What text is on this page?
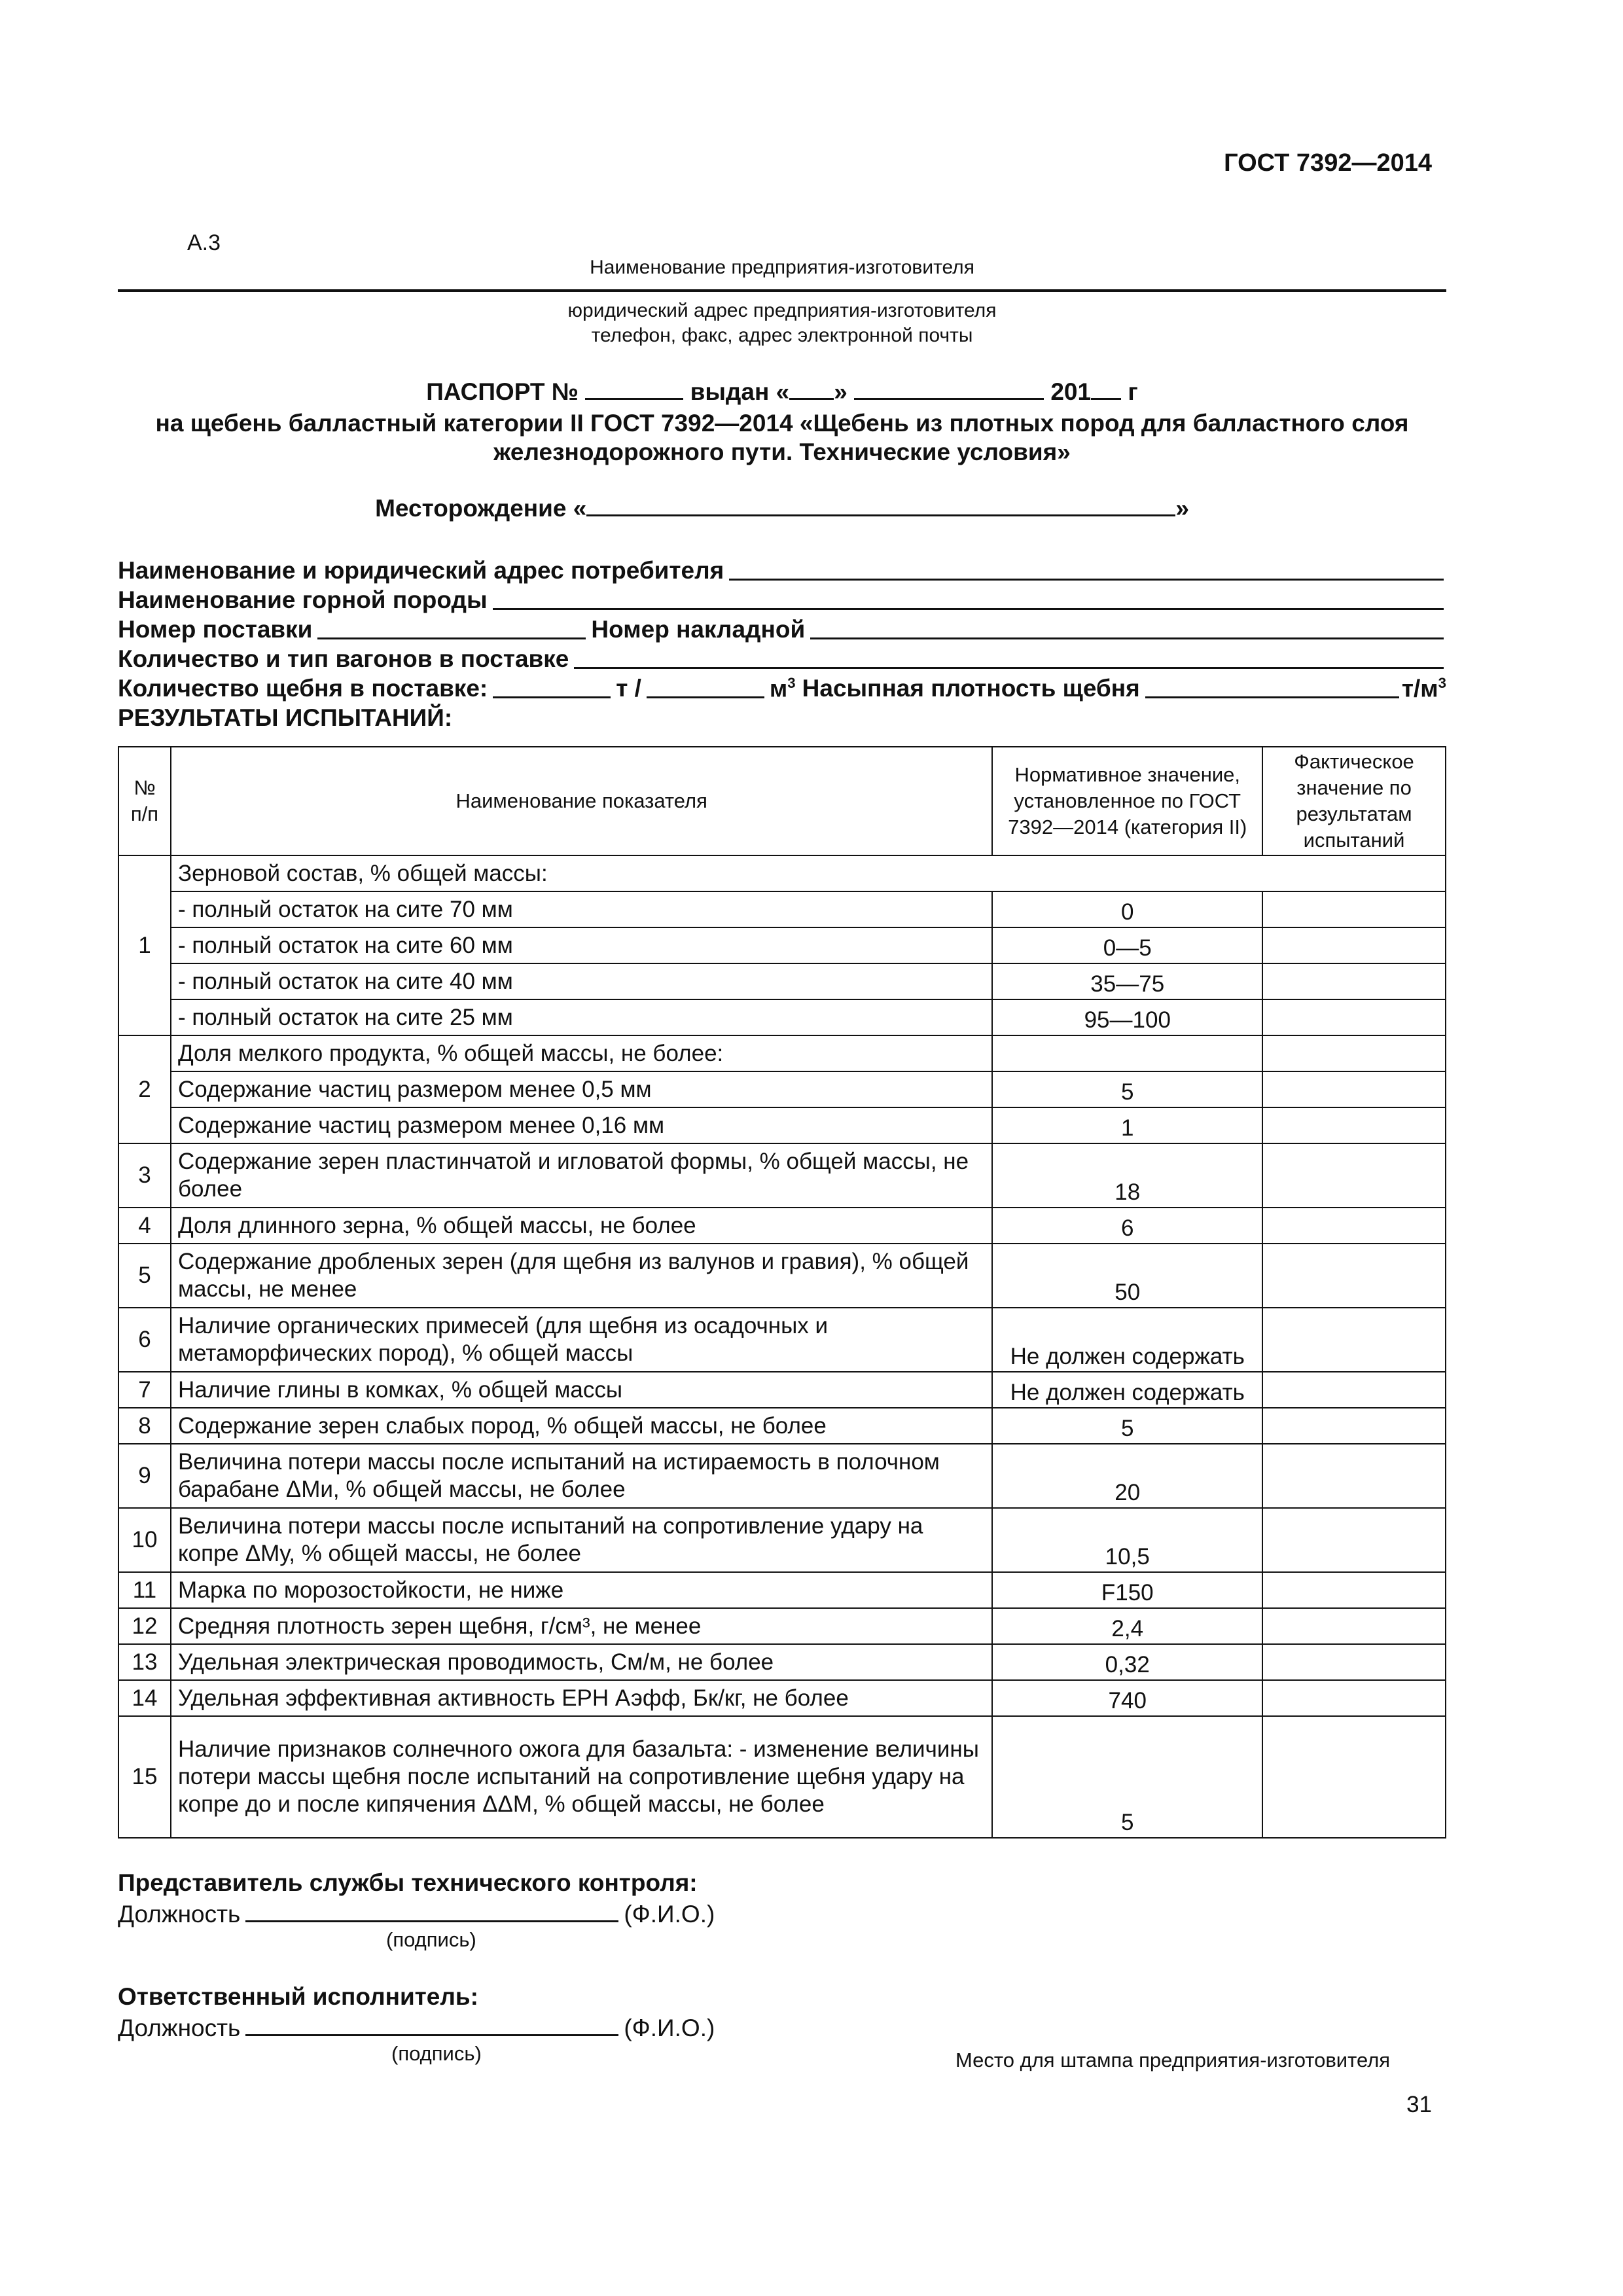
ГОСТ 7392—2014
А.3
Наименование предприятия-изготовителя
юридический адрес предприятия-изготовителя
телефон, факс, адрес электронной почты
ПАСПОРТ №	выдан « »	201 г
на щебень балластный категории II ГОСТ 7392—2014 «Щебень из плотных пород для балластного слоя
железнодорожного пути. Технические условия»
Месторождение «	»
Наименование и юридический адрес потребителя
Наименование горной породы
Номер поставки	Номер накладной
Количество и тип вагонов в поставке
Количество щебня в поставке:	т /	$м^3$ Насыпная плотность щебня	$т/м^3$
РЕЗУЛЬТАТЫ ИСПЫТАНИЙ:
№ п/п	Наименование показателя	Нормативное значение, установленное по ГОСТ 7392—2014 (категория II)	Фактическое значение по результатам испытаний
1	Зерновой состав, % общей массы:		
	- полный остаток на сите 70 мм	0	
	- полный остаток на сите 60 мм	0—5	
	- полный остаток на сите 40 мм	35—75	
	- полный остаток на сите 25 мм	95—100	
2	Доля мелкого продукта, % общей массы, не более:		
	Содержание частиц размером менее 0,5 мм	5	
	Содержание частиц размером менее 0,16 мм	1	
3	Содержание зерен пластинчатой и игловатой формы, % общей массы, не более	18	
4	Доля длинного зерна, % общей массы, не более	6	
5	Содержание дробленых зерен (для щебня из валунов и гравия), % общей массы, не менее	50	
6	Наличие органических примесей (для щебня из осадочных и метаморфических пород), % общей массы	Не должен содержать	
7	Наличие глины в комках, % общей массы	Не должен содержать	
8	Содержание зерен слабых пород, % общей массы, не более	5	
9	Величина потери массы после испытаний на истираемость в полочном барабане ΔMи, % общей массы, не более	20	
10	Величина потери массы после испытаний на сопротивление удару на копре ΔMу, % общей массы, не более	10,5	
11	Марка по морозостойкости, не ниже	F150	
12	Средняя плотность зерен щебня, г/см³, не менее	2,4	
13	Удельная электрическая проводимость, См/м, не более	0,32	
14	Удельная эффективная активность ЕРН Аэфф, Бк/кг, не более	740	
15	Наличие признаков солнечного ожога для базальта: - изменение величины потери массы щебня после испытаний на сопротивление щебня удару на копре до и после кипячения ΔΔМ, % общей массы, не более	5	
Представитель службы технического контроля:
Должность	(Ф.И.О.)
(подпись)
Ответственный исполнитель:
Должность	(Ф.И.О.)
(подпись)	Место для штампа предприятия-изготовителя
31
